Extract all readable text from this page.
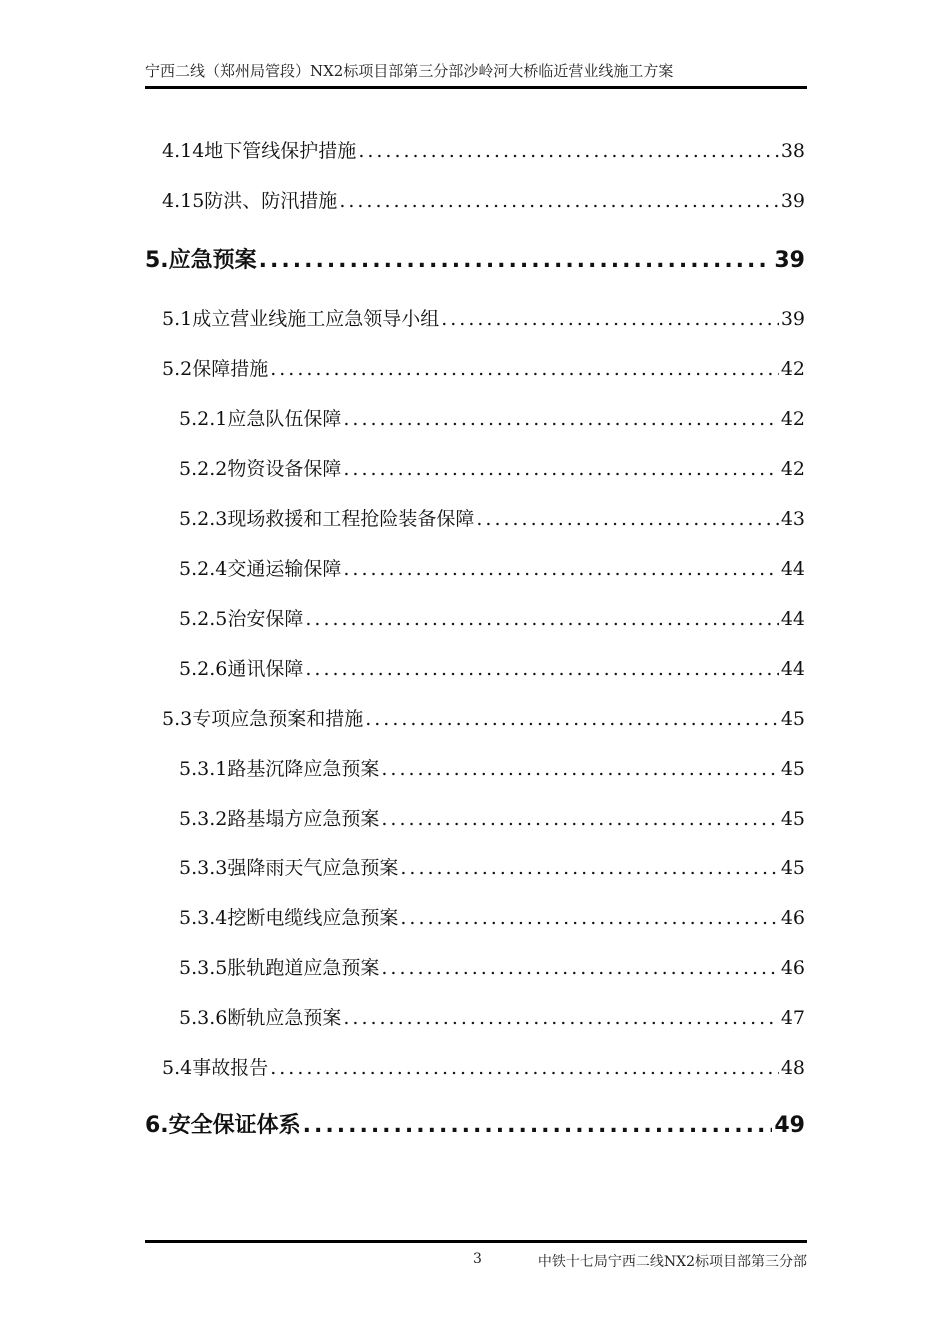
宁西二线（郑州局管段）NX2标项目部第三分部沙岭河大桥临近营业线施工方案
4.14地下管线保护措施 .....	38
4.15防洪、防汛措施 .....	39
5.应急预案 .....	39
5.1成立营业线施工应急领导小组 .....	39
5.2保障措施 .....	42
5.2.1应急队伍保障 .....	42
5.2.2物资设备保障 .....	42
5.2.3现场救援和工程抢险装备保障 .....	43
5.2.4交通运输保障 .....	44
5.2.5治安保障 .....	44
5.2.6通讯保障 .....	44
5.3专项应急预案和措施 .....	45
5.3.1路基沉降应急预案 .....	45
5.3.2路基塌方应急预案 .....	45
5.3.3强降雨天气应急预案 .....	45
5.3.4挖断电缆线应急预案 .....	46
5.3.5胀轨跑道应急预案 .....	46
5.3.6断轨应急预案 .....	47
5.4事故报告 .....	48
6.安全保证体系 .....	49
3	中铁十七局宁西二线NX2标项目部第三分部
